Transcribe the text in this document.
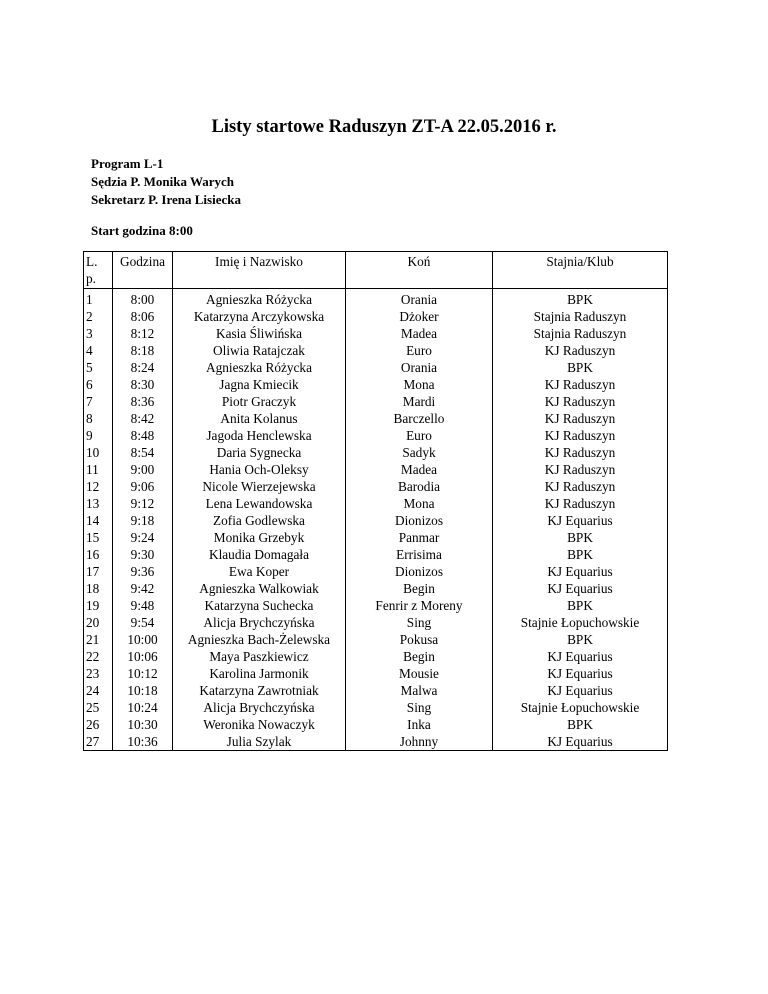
Listy startowe Raduszyn ZT-A 22.05.2016 r.
Program L-1
Sędzia P. Monika Warych
Sekretarz P. Irena Lisiecka
Start godzina 8:00
L.
p.	Godzina	Imię i Nazwisko	Koń	Stajnia/Klub
1	8:00	Agnieszka Różycka	Orania	BPK
2	8:06	Katarzyna Arczykowska	Dżoker	Stajnia Raduszyn
3	8:12	Kasia Śliwińska	Madea	Stajnia Raduszyn
4	8:18	Oliwia Ratajczak	Euro	KJ Raduszyn
5	8:24	Agnieszka Różycka	Orania	BPK
6	8:30	Jagna Kmiecik	Mona	KJ Raduszyn
7	8:36	Piotr Graczyk	Mardi	KJ Raduszyn
8	8:42	Anita Kolanus	Barczello	KJ Raduszyn
9	8:48	Jagoda Henclewska	Euro	KJ Raduszyn
10	8:54	Daria Sygnecka	Sadyk	KJ Raduszyn
11	9:00	Hania Och-Oleksy	Madea	KJ Raduszyn
12	9:06	Nicole Wierzejewska	Barodia	KJ Raduszyn
13	9:12	Lena Lewandowska	Mona	KJ Raduszyn
14	9:18	Zofia Godlewska	Dionizos	KJ Equarius
15	9:24	Monika Grzebyk	Panmar	BPK
16	9:30	Klaudia Domagała	Errisima	BPK
17	9:36	Ewa Koper	Dionizos	KJ Equarius
18	9:42	Agnieszka Walkowiak	Begin	KJ Equarius
19	9:48	Katarzyna Suchecka	Fenrir z Moreny	BPK
20	9:54	Alicja Brychczyńska	Sing	Stajnie Łopuchowskie
21	10:00	Agnieszka Bach-Żelewska	Pokusa	BPK
22	10:06	Maya Paszkiewicz	Begin	KJ Equarius
23	10:12	Karolina Jarmonik	Mousie	KJ Equarius
24	10:18	Katarzyna Zawrotniak	Malwa	KJ Equarius
25	10:24	Alicja Brychczyńska	Sing	Stajnie Łopuchowskie
26	10:30	Weronika Nowaczyk	Inka	BPK
27	10:36	Julia Szylak	Johnny	KJ Equarius
